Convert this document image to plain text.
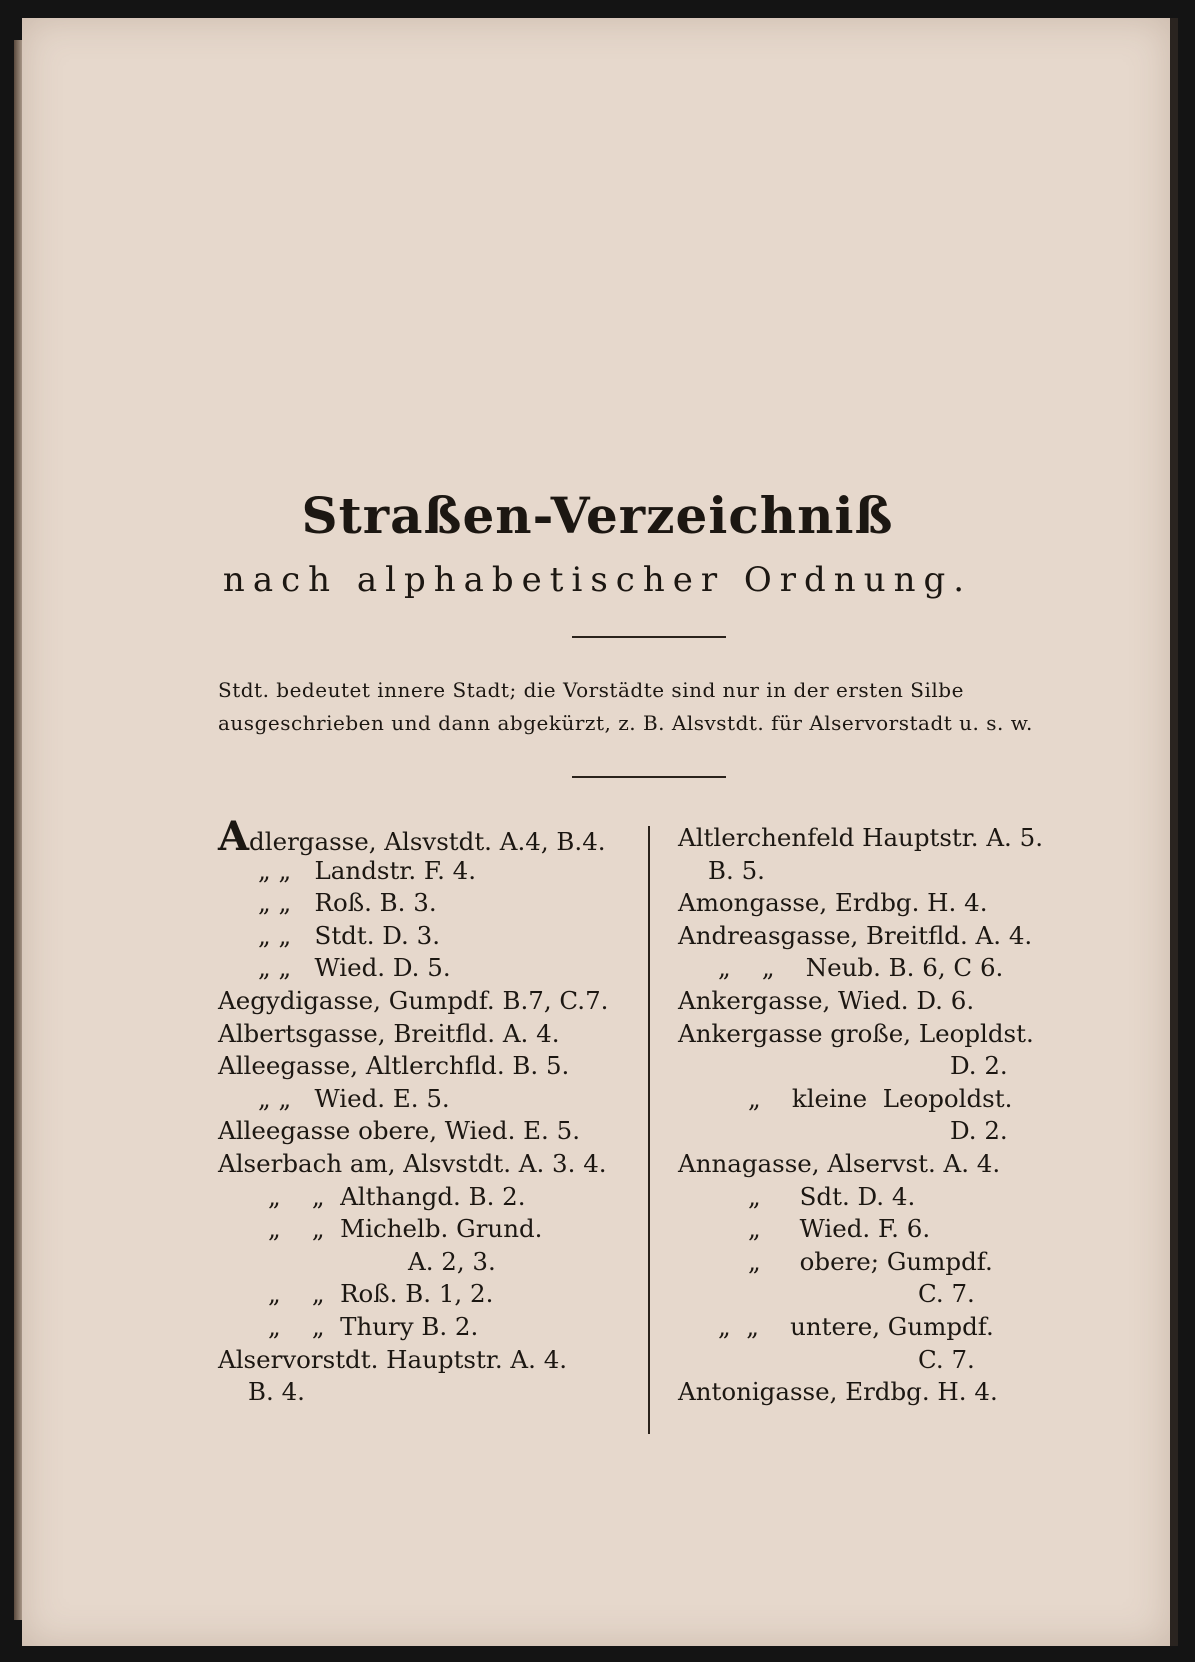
Straßen-Verzeichniß
nach alphabetischer Ordnung.
Stdt. bedeutet innere Stadt; die Vorstädte sind nur in der ersten Silbe
ausgeschrieben und dann abgekürzt, z. B. Alsvstdt. für Alservorstadt u. s. w.
Adlergasse, Alsvstdt. A.4, B.4.
„ „   Landstr. F. 4.
„ „   Roß. B. 3.
„ „   Stdt. D. 3.
„ „   Wied. D. 5.
Aegydigasse, Gumpdf. B.7, C.7.
Albertsgasse, Breitfld. A. 4.
Alleegasse, Altlerchfld. B. 5.
„ „   Wied. E. 5.
Alleegasse obere, Wied. E. 5.
Alserbach am, Alsvstdt. A. 3. 4.
„    „  Althangd. B. 2.
„    „  Michelb. Grund.
A. 2, 3.
„    „  Roß. B. 1, 2.
„    „  Thury B. 2.
Alservorstdt. Hauptstr. A. 4.
B. 4.
Altlerchenfeld Hauptstr. A. 5.
B. 5.
Amongasse, Erdbg. H. 4.
Andreasgasse, Breitfld. A. 4.
„    „    Neub. B. 6, C 6.
Ankergasse, Wied. D. 6.
Ankergasse große, Leopldst.
D. 2.
„    kleine  Leopoldst.
D. 2.
Annagasse, Alservst. A. 4.
„     Sdt. D. 4.
„     Wied. F. 6.
„     obere; Gumpdf.
C. 7.
„  „    untere, Gumpdf.
C. 7.
Antonigasse, Erdbg. H. 4.
